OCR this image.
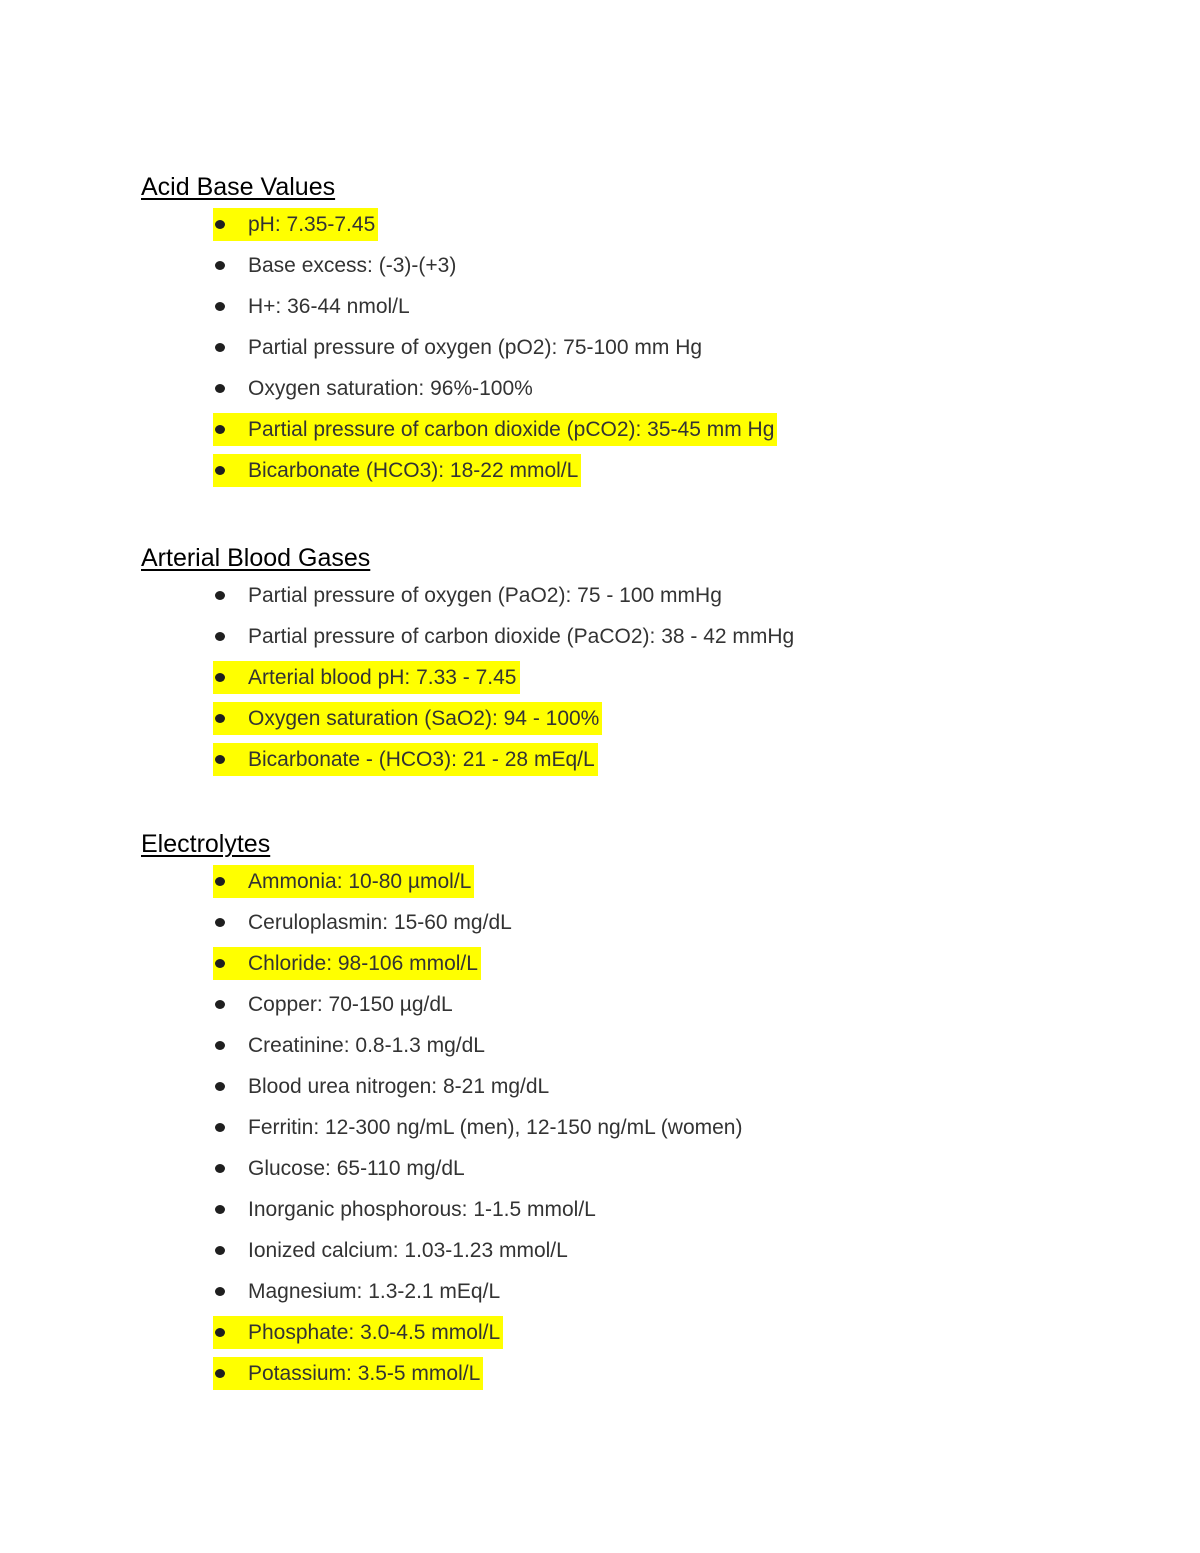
Acid Base Values
pH: 7.35-7.45
Base excess: (-3)-(+3)
H+: 36-44 nmol/L
Partial pressure of oxygen (pO2): 75-100 mm Hg
Oxygen saturation: 96%-100%
Partial pressure of carbon dioxide (pCO2): 35-45 mm Hg
Bicarbonate (HCO3): 18-22 mmol/L
Arterial Blood Gases
Partial pressure of oxygen (PaO2): 75 - 100 mmHg
Partial pressure of carbon dioxide (PaCO2): 38 - 42 mmHg
Arterial blood pH: 7.33 - 7.45
Oxygen saturation (SaO2): 94 - 100%
Bicarbonate - (HCO3): 21 - 28 mEq/L
Electrolytes
Ammonia: 10-80 µmol/L
Ceruloplasmin: 15-60 mg/dL
Chloride: 98-106 mmol/L
Copper: 70-150 µg/dL
Creatinine: 0.8-1.3 mg/dL
Blood urea nitrogen: 8-21 mg/dL
Ferritin: 12-300 ng/mL (men), 12-150 ng/mL (women)
Glucose: 65-110 mg/dL
Inorganic phosphorous: 1-1.5 mmol/L
Ionized calcium: 1.03-1.23 mmol/L
Magnesium: 1.3-2.1 mEq/L
Phosphate: 3.0-4.5 mmol/L
Potassium: 3.5-5 mmol/L
